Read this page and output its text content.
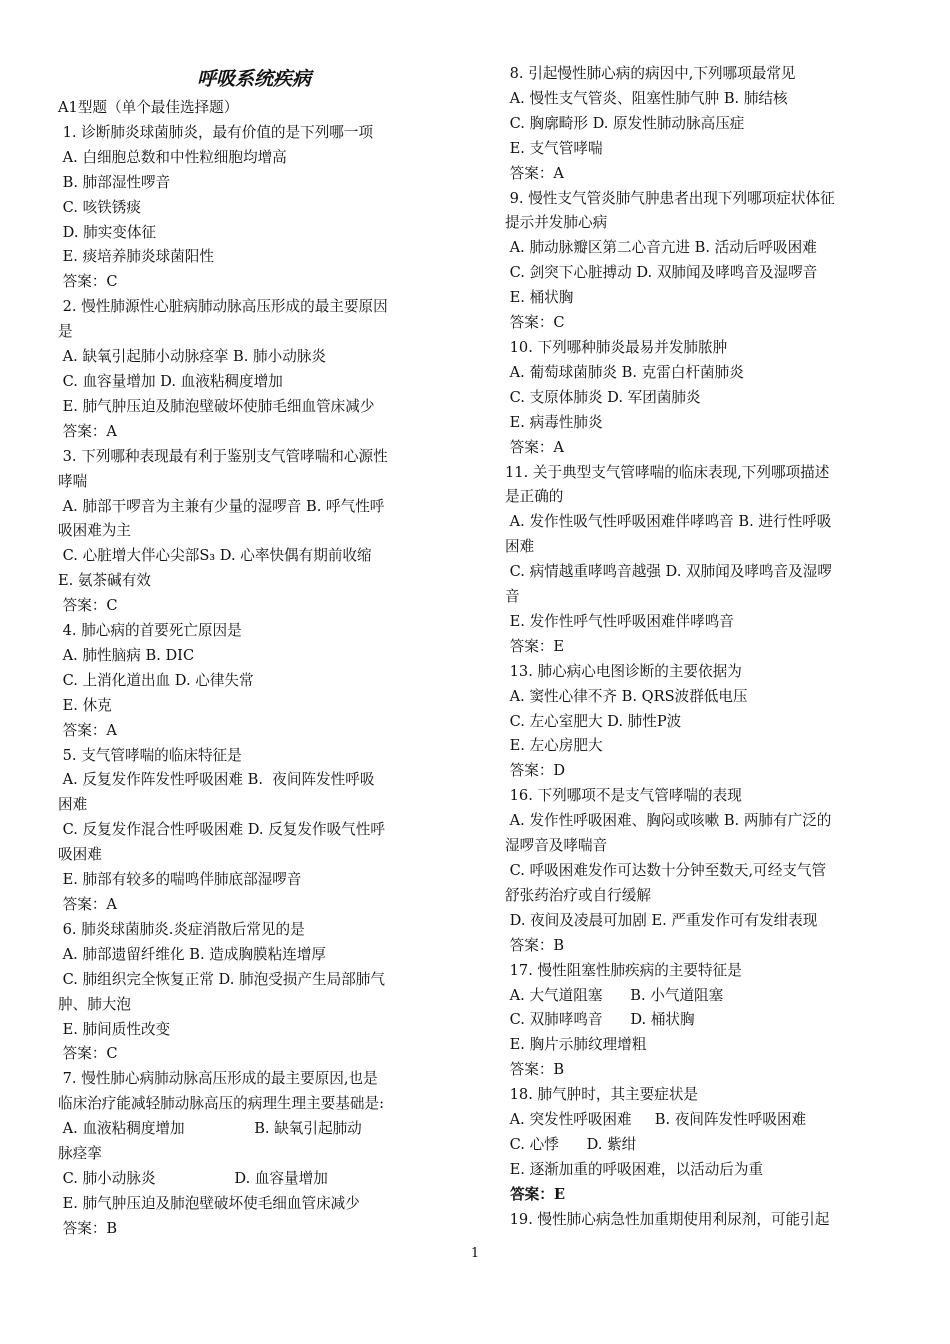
呼吸系统疾病
A1型题（单个最佳选择题）
1. 诊断肺炎球菌肺炎，最有价值的是下列哪一项
A. 白细胞总数和中性粒细胞均增高
B. 肺部湿性啰音
C. 咳铁锈痰
D. 肺实变体征
E. 痰培养肺炎球菌阳性
答案：C
2. 慢性肺源性心脏病肺动脉高压形成的最主要原因
是
A. 缺氧引起肺小动脉痉挛 B. 肺小动脉炎
C. 血容量增加 D. 血液粘稠度增加
E. 肺气肿压迫及肺泡壁破坏使肺毛细血管床减少
答案：A
3. 下列哪种表现最有利于鉴别支气管哮喘和心源性
哮喘
A. 肺部干啰音为主兼有少量的湿啰音 B. 呼气性呼
吸困难为主
C. 心脏增大伴心尖部S₃ D. 心率快偶有期前收缩
E. 氨茶碱有效
答案：C
4. 肺心病的首要死亡原因是
A. 肺性脑病 B. DIC
C. 上消化道出血 D. 心律失常
E. 休克
答案：A
5. 支气管哮喘的临床特征是
A. 反复发作阵发性呼吸困难 B.  夜间阵发性呼吸
困难
C. 反复发作混合性呼吸困难 D. 反复发作吸气性呼
吸困难
E. 肺部有较多的喘鸣伴肺底部湿啰音
答案：A
6. 肺炎球菌肺炎.炎症消散后常见的是
A. 肺部遗留纤维化 B. 造成胸膜粘连增厚
C. 肺组织完全恢复正常 D. 肺泡受损产生局部肺气
肿、肺大泡
E. 肺间质性改变
答案：C
7. 慢性肺心病肺动脉高压形成的最主要原因,也是
临床治疗能减轻肺动脉高压的病理生理主要基础是:
A. 血液粘稠度增加               B. 缺氧引起肺动
脉痉挛
C. 肺小动脉炎                 D. 血容量增加
E. 肺气肿压迫及肺泡壁破坏使毛细血管床减少
答案：B
8. 引起慢性肺心病的病因中,下列哪项最常见
A. 慢性支气管炎、阻塞性肺气肿 B. 肺结核
C. 胸廓畸形 D. 原发性肺动脉高压症
E. 支气管哮喘
答案：A
9. 慢性支气管炎肺气肿患者出现下列哪项症状体征
提示并发肺心病
A. 肺动脉瓣区第二心音亢进 B. 活动后呼吸困难
C. 剑突下心脏搏动 D. 双肺闻及哮鸣音及湿啰音
E. 桶状胸
答案：C
10. 下列哪种肺炎最易并发肺脓肿
A. 葡萄球菌肺炎 B. 克雷白杆菌肺炎
C. 支原体肺炎 D. 军团菌肺炎
E. 病毒性肺炎
答案：A
11. 关于典型支气管哮喘的临床表现,下列哪项描述
是正确的
A. 发作性吸气性呼吸困难伴哮鸣音 B. 进行性呼吸
困难
C. 病情越重哮鸣音越强 D. 双肺闻及哮鸣音及湿啰
音
E. 发作性呼气性呼吸困难伴哮鸣音
答案：E
13. 肺心病心电图诊断的主要依据为
A. 窦性心律不齐 B. QRS波群低电压
C. 左心室肥大 D. 肺性P波
E. 左心房肥大
答案：D
16. 下列哪项不是支气管哮喘的表现
A. 发作性呼吸困难、胸闷或咳嗽 B. 两肺有广泛的
湿啰音及哮喘音
C. 呼吸困难发作可达数十分钟至数天,可经支气管
舒张药治疗或自行缓解
D. 夜间及凌晨可加剧 E. 严重发作可有发绀表现
答案：B
17. 慢性阻塞性肺疾病的主要特征是
A. 大气道阻塞      B. 小气道阻塞
C. 双肺哮鸣音      D. 桶状胸
E. 胸片示肺纹理增粗
答案：B
18. 肺气肿时，其主要症状是
A. 突发性呼吸困难     B. 夜间阵发性呼吸困难
C. 心悸      D. 紫绀
E. 逐渐加重的呼吸困难，以活动后为重
答案：E
19. 慢性肺心病急性加重期使用利尿剂，可能引起
1
